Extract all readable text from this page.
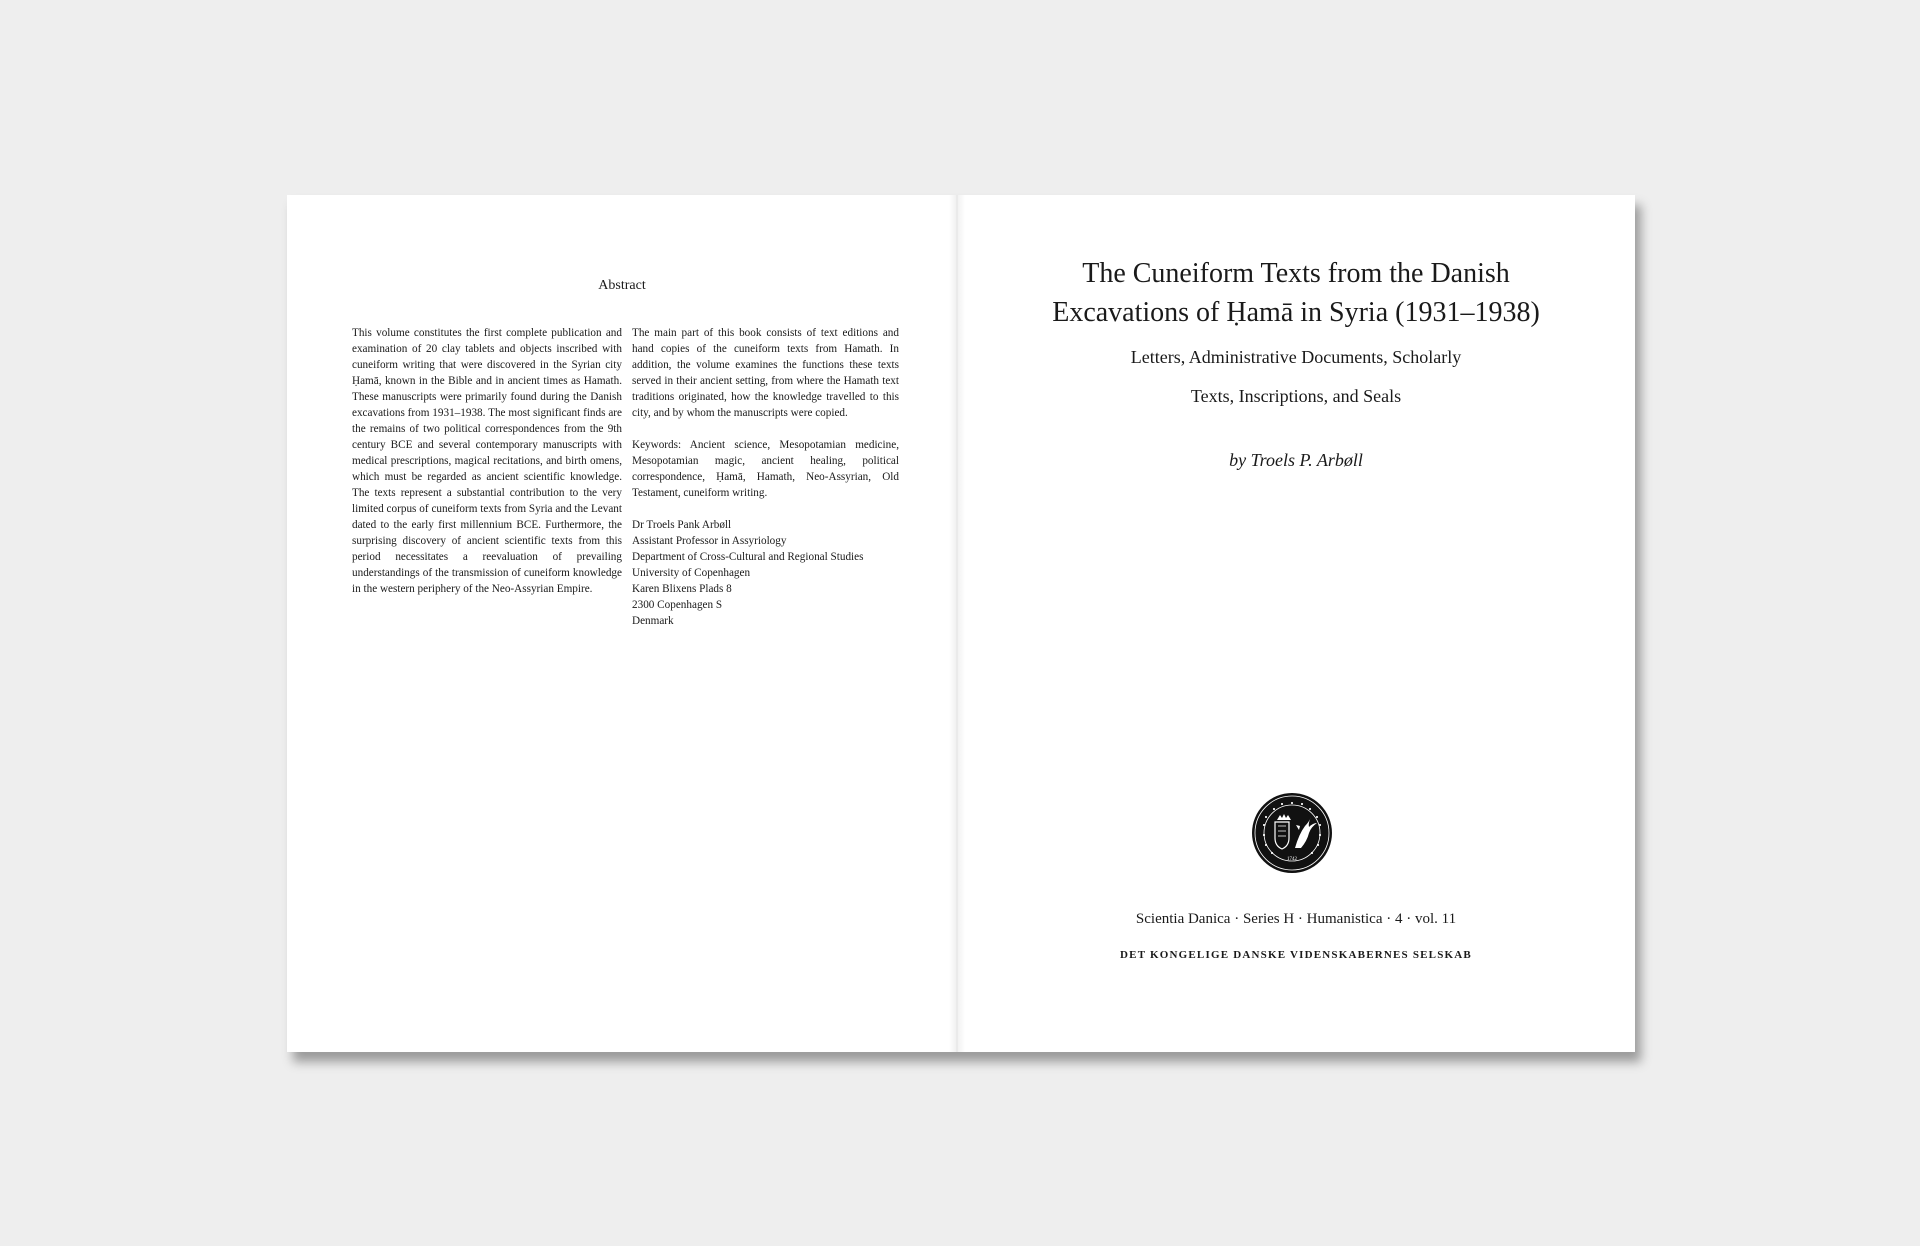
Abstract

This volume constitutes the first complete publication and examination of 20 clay tablets and objects inscribed with cuneiform writing that were discovered in the Syrian city Ḥamā, known in the Bible and in ancient times as Hamath. These manuscripts were primarily found during the Danish excavations from 1931–1938. The most significant finds are the remains of two political correspondences from the 9th century BCE and several contemporary manuscripts with medical prescriptions, magical recitations, and birth omens, which must be regarded as ancient scientific knowledge. The texts represent a substantial contribution to the very limited corpus of cuneiform texts from Syria and the Levant dated to the early first millennium BCE. Furthermore, the surprising discovery of ancient scientific texts from this period necessitates a reevaluation of prevailing understandings of the transmission of cuneiform knowledge in the western periphery of the Neo-Assyrian Empire.

The main part of this book consists of text editions and hand copies of the cuneiform texts from Hamath. In addition, the volume examines the functions these texts served in their ancient setting, from where the Hamath text traditions originated, how the knowledge travelled to this city, and by whom the manuscripts were copied.

Keywords: Ancient science, Mesopotamian medicine, Mesopotamian magic, ancient healing, political correspondence, Ḥamā, Hamath, Neo-Assyrian, Old Testament, cuneiform writing.

Dr Troels Pank Arbøll
Assistant Professor in Assyriology
Department of Cross-Cultural and Regional Studies
University of Copenhagen
Karen Blixens Plads 8
2300 Copenhagen S
Denmark

The Cuneiform Texts from the Danish
Excavations of Ḥamā in Syria (1931–1938)
Letters, Administrative Documents, Scholarly
Texts, Inscriptions, and Seals
by Troels P. Arbøll
1742
Scientia Danica · Series H · Humanistica · 4 · vol. 11
DET KONGELIGE DANSKE VIDENSKABERNES SELSKAB
